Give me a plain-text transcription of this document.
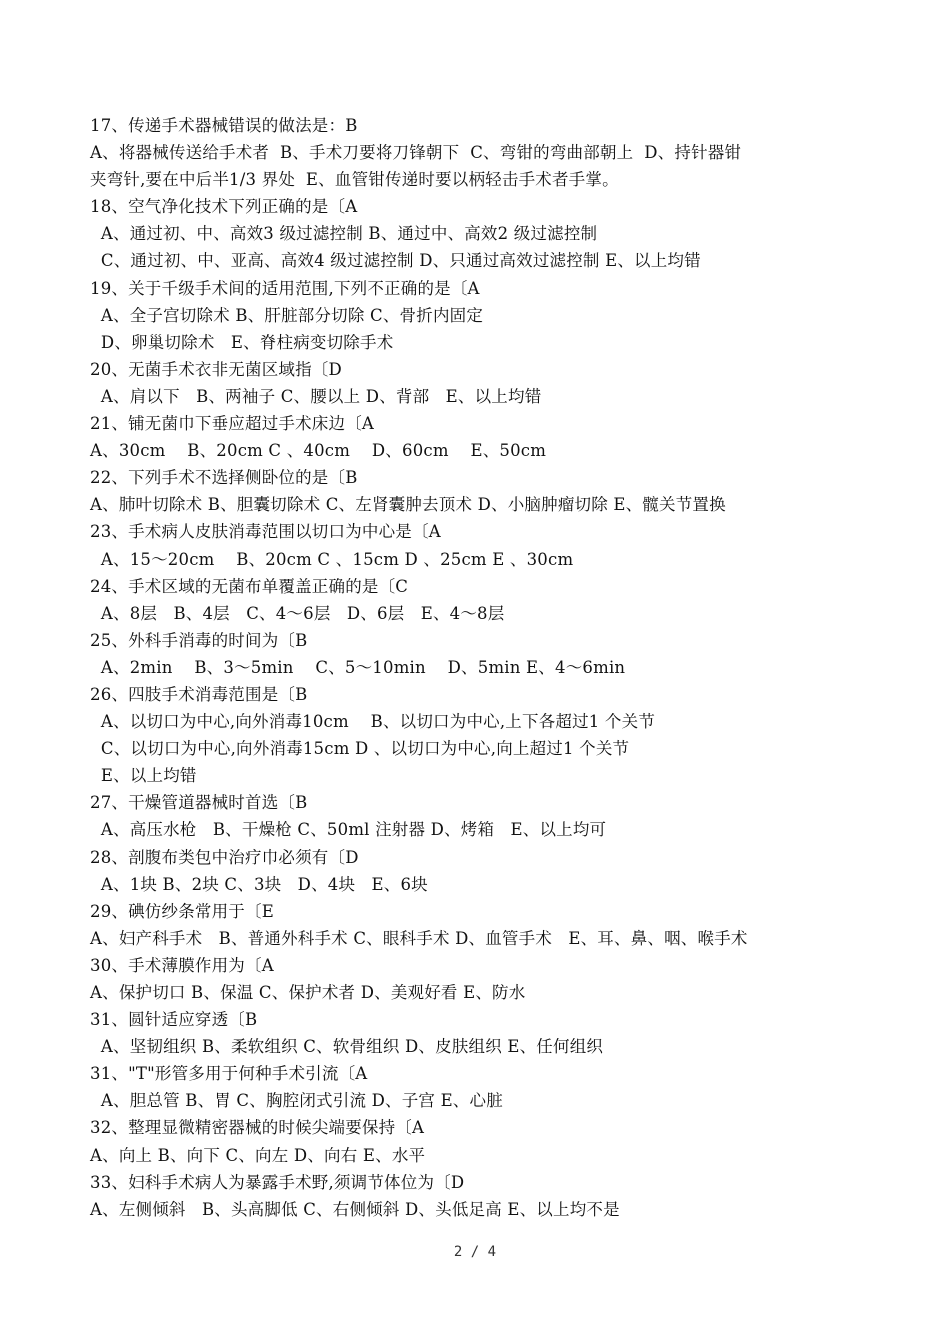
17、传递手术器械错误的做法是：B
A、将器械传送给手术者  B、手术刀要将刀锋朝下  C、弯钳的弯曲部朝上  D、持针器钳
夹弯针,要在中后半1/3 界处  E、血管钳传递时要以柄轻击手术者手掌。
18、空气净化技术下列正确的是〔A
A、通过初、中、高效3 级过滤控制 B、通过中、高效2 级过滤控制
C、通过初、中、亚高、高效4 级过滤控制 D、只通过高效过滤控制 E、以上均错
19、关于千级手术间的适用范围,下列不正确的是〔A
A、全子宫切除术 B、肝脏部分切除 C、骨折内固定
D、卵巢切除术   E、脊柱病变切除手术
20、无菌手术衣非无菌区域指〔D
A、肩以下   B、两袖子 C、腰以上 D、背部   E、以上均错
21、铺无菌巾下垂应超过手术床边〔A
A、30cm    B、20cm C 、40cm    D、60cm    E、50cm
22、下列手术不选择侧卧位的是〔B
A、肺叶切除术 B、胆囊切除术 C、左肾囊肿去顶术 D、小脑肿瘤切除 E、髋关节置换
23、手术病人皮肤消毒范围以切口为中心是〔A
A、15～20cm    B、20cm C 、15cm D 、25cm E 、30cm
24、手术区域的无菌布单覆盖正确的是〔C
A、8层   B、4层   C、4～6层   D、6层   E、4～8层
25、外科手消毒的时间为〔B
A、2min    B、3～5min    C、5～10min    D、5min E、4～6min
26、四肢手术消毒范围是〔B
A、以切口为中心,向外消毒10cm    B、以切口为中心,上下各超过1 个关节
C、以切口为中心,向外消毒15cm D 、以切口为中心,向上超过1 个关节
E、以上均错
27、干燥管道器械时首选〔B
A、高压水枪   B、干燥枪 C、50ml 注射器 D、烤箱   E、以上均可
28、剖腹布类包中治疗巾必须有〔D
A、1块 B、2块 C、3块   D、4块   E、6块
29、碘仿纱条常用于〔E
A、妇产科手术   B、普通外科手术 C、眼科手术 D、血管手术   E、耳、鼻、咽、喉手术
30、手术薄膜作用为〔A
A、保护切口 B、保温 C、保护术者 D、美观好看 E、防水
31、圆针适应穿透〔B
A、坚韧组织 B、柔软组织 C、软骨组织 D、皮肤组织 E、任何组织
31、"T"形管多用于何种手术引流〔A
A、胆总管 B、胃 C、胸腔闭式引流 D、子宫 E、心脏
32、整理显微精密器械的时候尖端要保持〔A
A、向上 B、向下 C、向左 D、向右 E、水平
33、妇科手术病人为暴露手术野,须调节体位为〔D
A、左侧倾斜   B、头高脚低 C、右侧倾斜 D、头低足高 E、以上均不是
2 / 4
